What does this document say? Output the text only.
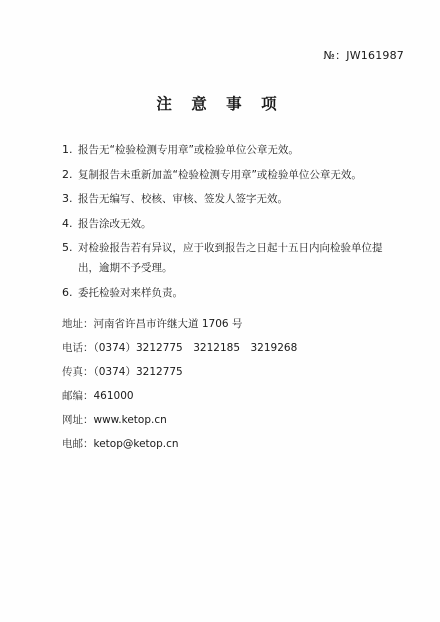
№：JW161987
注 意 事 项
1. 报告无“检验检测专用章”或检验单位公章无效。
2. 复制报告未重新加盖“检验检测专用章”或检验单位公章无效。
3. 报告无编写、校核、审核、签发人签字无效。
4. 报告涂改无效。
5. 对检验报告若有异议，应于收到报告之日起十五日内向检验单位提
出，逾期不予受理。
6. 委托检验对来样负责。
地址：河南省许昌市许继大道 1706 号
电话：（0374）3212775　3212185　3219268
传真：（0374）3212775
邮编：461000
网址：www.ketop.cn
电邮：ketop@ketop.cn
